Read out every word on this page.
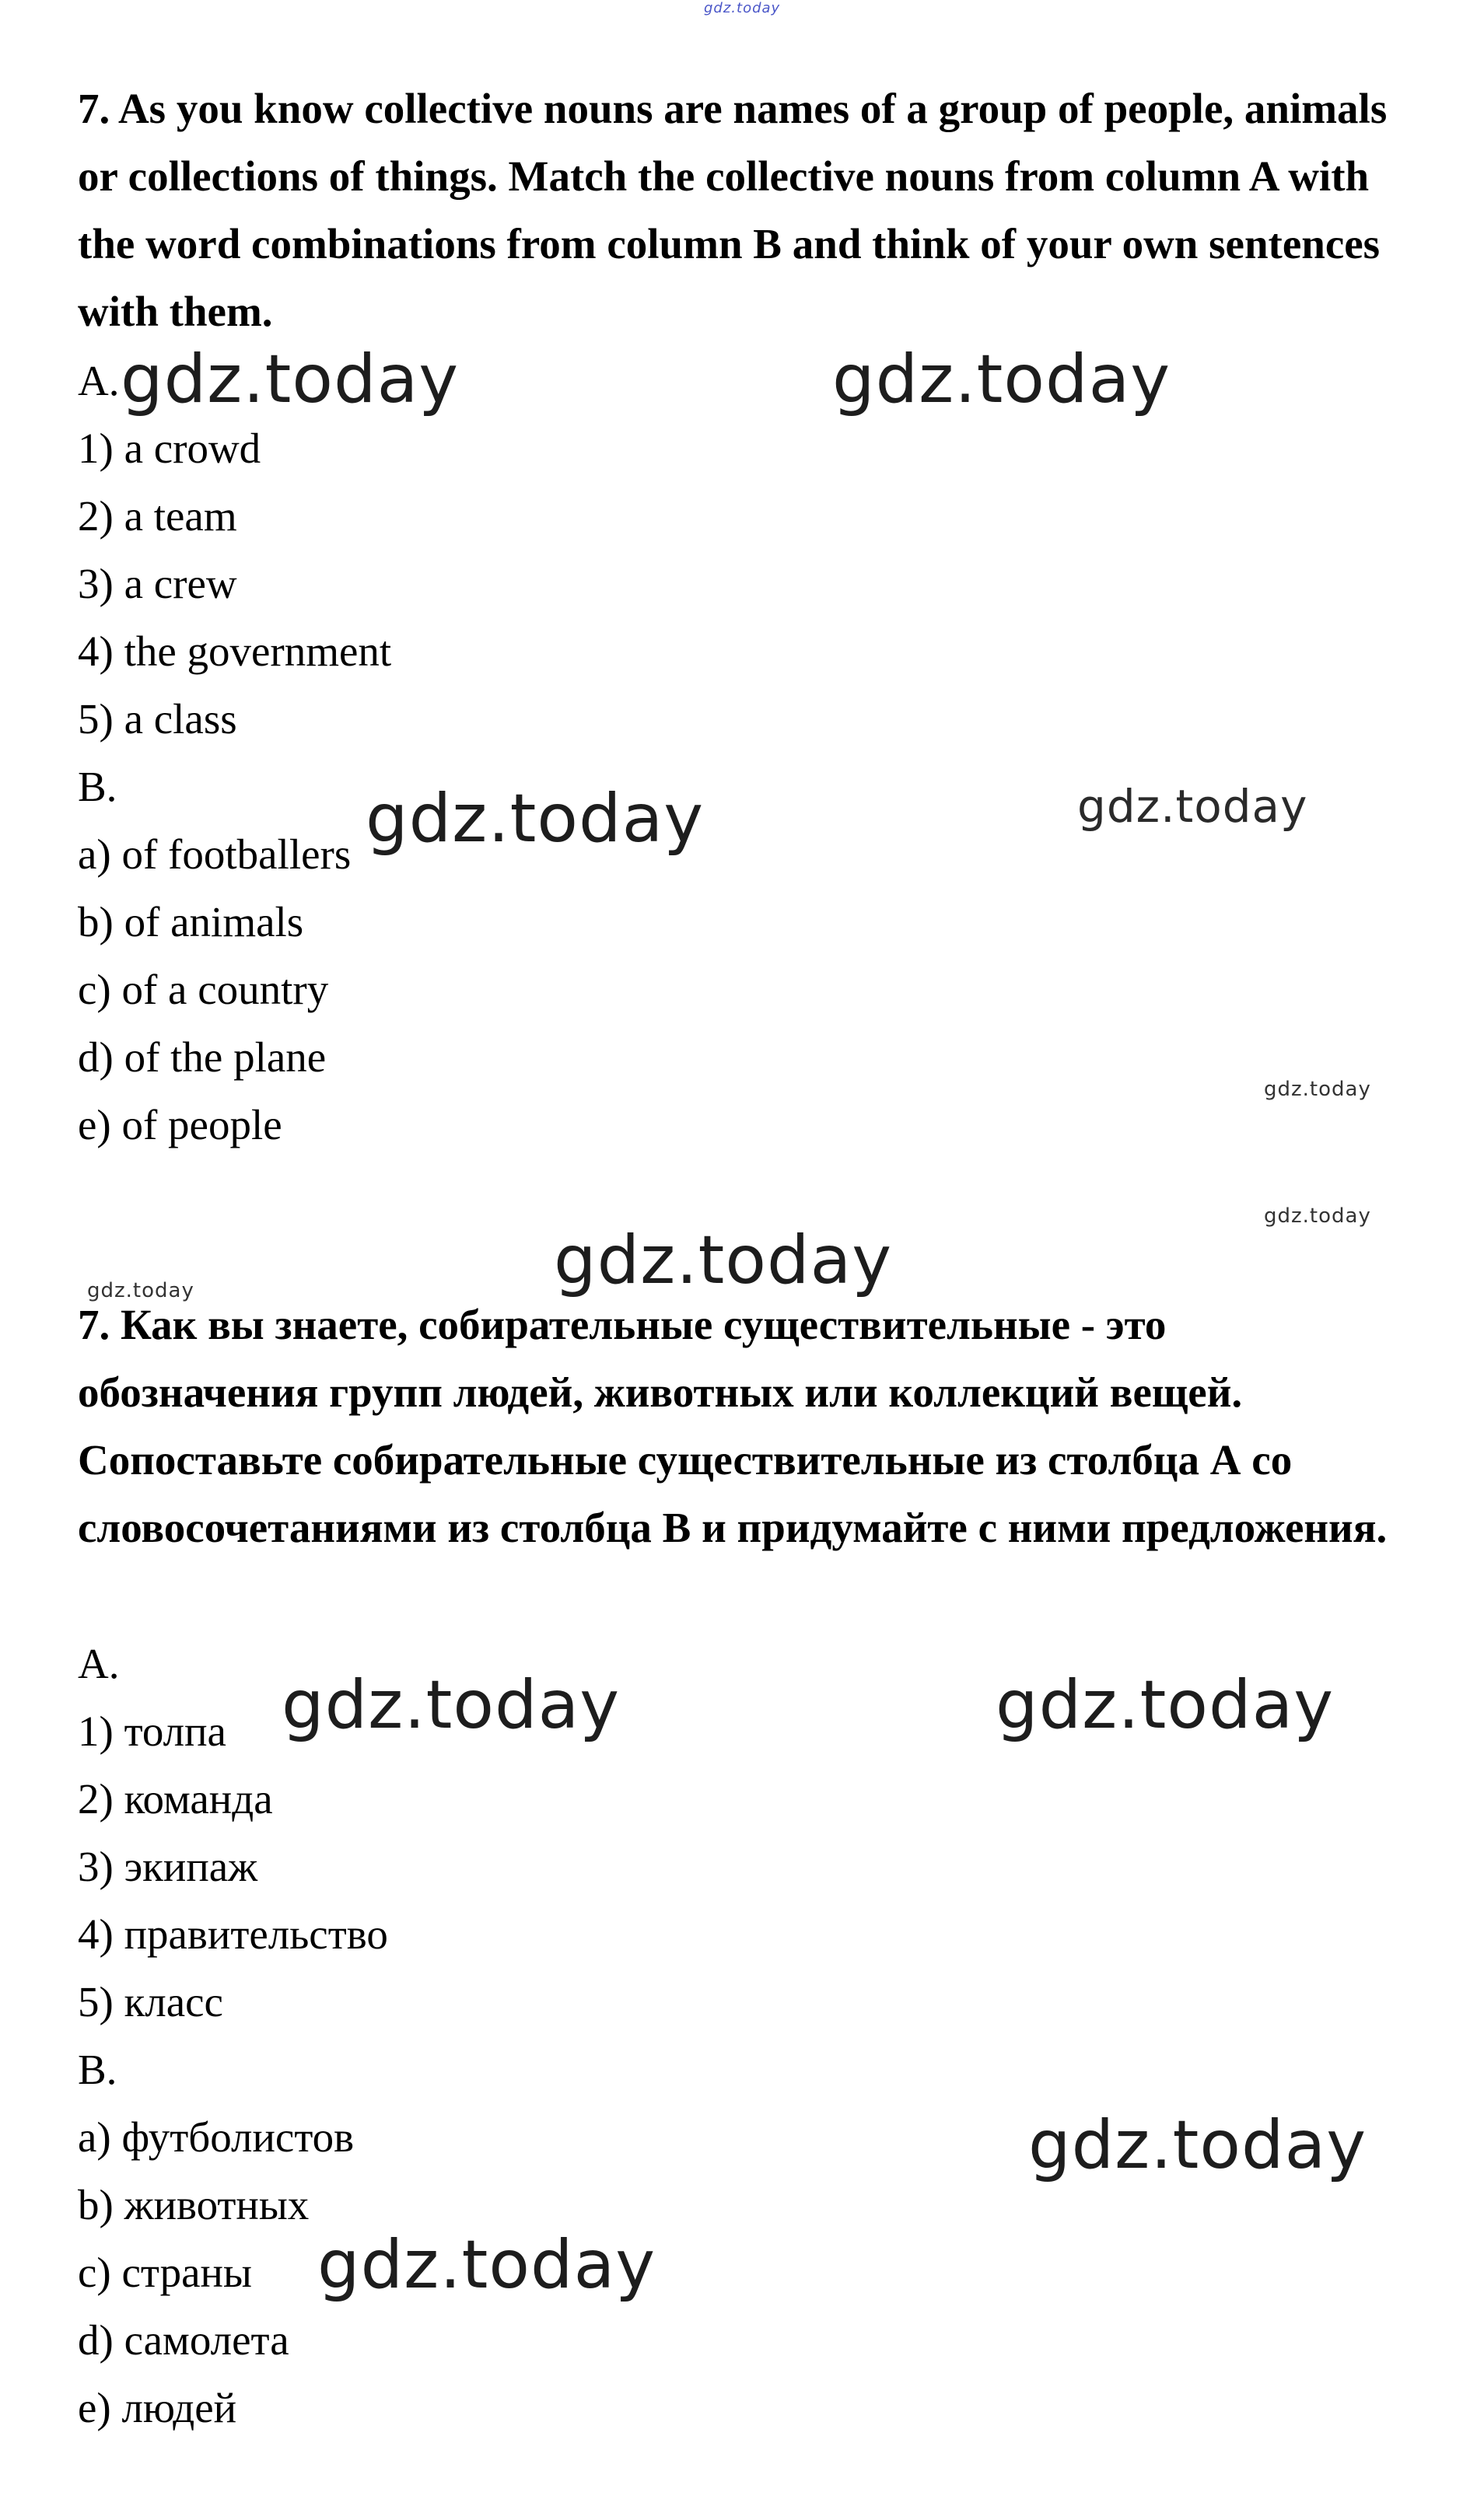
gdz.today

7. As you know collective nouns are names of a group of people, animals or collections of things. Match the collective nouns from column A with the word combinations from column B and think of your own sentences with them.

A.

1) a crowd

2) a team

3) a crew

4) the government

5) a class

B.

a) of footballers

b) of animals

c) of a country

d) of the plane

e) of people

7. Как вы знаете, собирательные существительные - это обозначения групп людей, животных или коллекций вещей. Сопоставьте собирательные существительные из столбца А со словосочетаниями из столбца В и придумайте с ними предложения.

A.

1) толпа

2) команда

3) экипаж

4) правительство

5) класс

B.

a) футболистов

b) животных

c) страны

d) самолета

e) людей

gdz.today	gdz.today
gdz.today	gdz.today
gdz.today
gdz.today
gdz.today
gdz.today
gdz.today	gdz.today
gdz.today
gdz.today
